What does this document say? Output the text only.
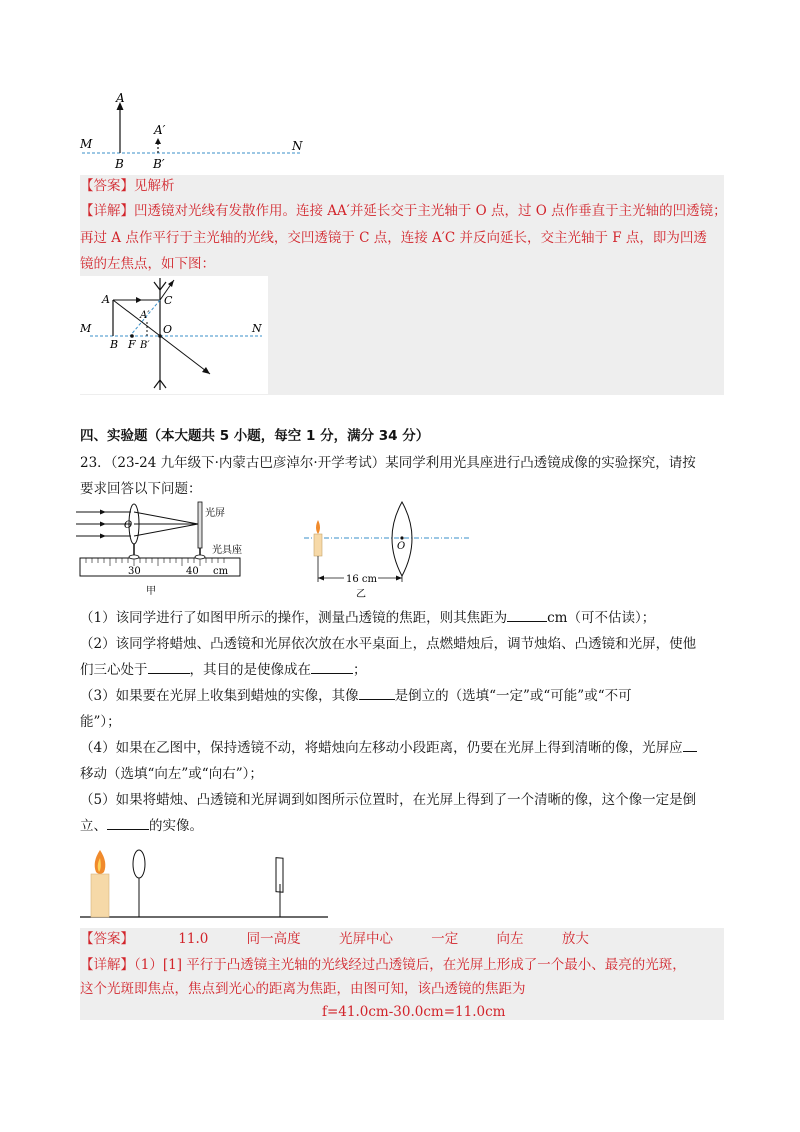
A
A′
M	N
B B′
【答案】见解析
【详解】凹透镜对光线有发散作用。连接 AA′并延长交于主光轴于 O 点，过 O 点作垂直于主光轴的凹透镜；
再过 A 点作平行于主光轴的光线，交凹透镜于 C 点，连接 A′C 并反向延长，交主光轴于 F 点，即为凹透
镜的左焦点，如下图：
A	C
A′
O
M	N
B F B′
四、实验题（本大题共 5 小题，每空 1 分，满分 34 分）
23．（23-24 九年级下·内蒙古巴彦淖尔·开学考试）某同学利用光具座进行凸透镜成像的实验探究，请按
要求回答以下问题：
O
光屏
光具座
30	40 cm
甲
O
16 cm
乙
（1）该同学进行了如图甲所示的操作，测量凸透镜的焦距，则其焦距为	cm（可不估读）；
（2）该同学将蜡烛、凸透镜和光屏依次放在水平桌面上，点燃蜡烛后，调节烛焰、凸透镜和光屏，使他
们三心处于	，其目的是使像成在	；
（3）如果要在光屏上收集到蜡烛的实像，其像	是倒立的（选填“一定”或“可能”或“不可
能”）；
（4）如果在乙图中，保持透镜不动，将蜡烛向左移动小段距离，仍要在光屏上得到清晰的像，光屏应
移动（选填“向左”或“向右”）；
（5）如果将蜡烛、凸透镜和光屏调到如图所示位置时，在光屏上得到了一个清晰的像，这个像一定是倒
立、	的实像。
【答案】	11.0	同一高度	光屏中心	一定	向左	放大
【详解】（1）[1] 平行于凸透镜主光轴的光线经过凸透镜后，在光屏上形成了一个最小、最亮的光斑，
这个光斑即焦点，焦点到光心的距离为焦距，由图可知，该凸透镜的焦距为
f=41.0cm-30.0cm=11.0cm
